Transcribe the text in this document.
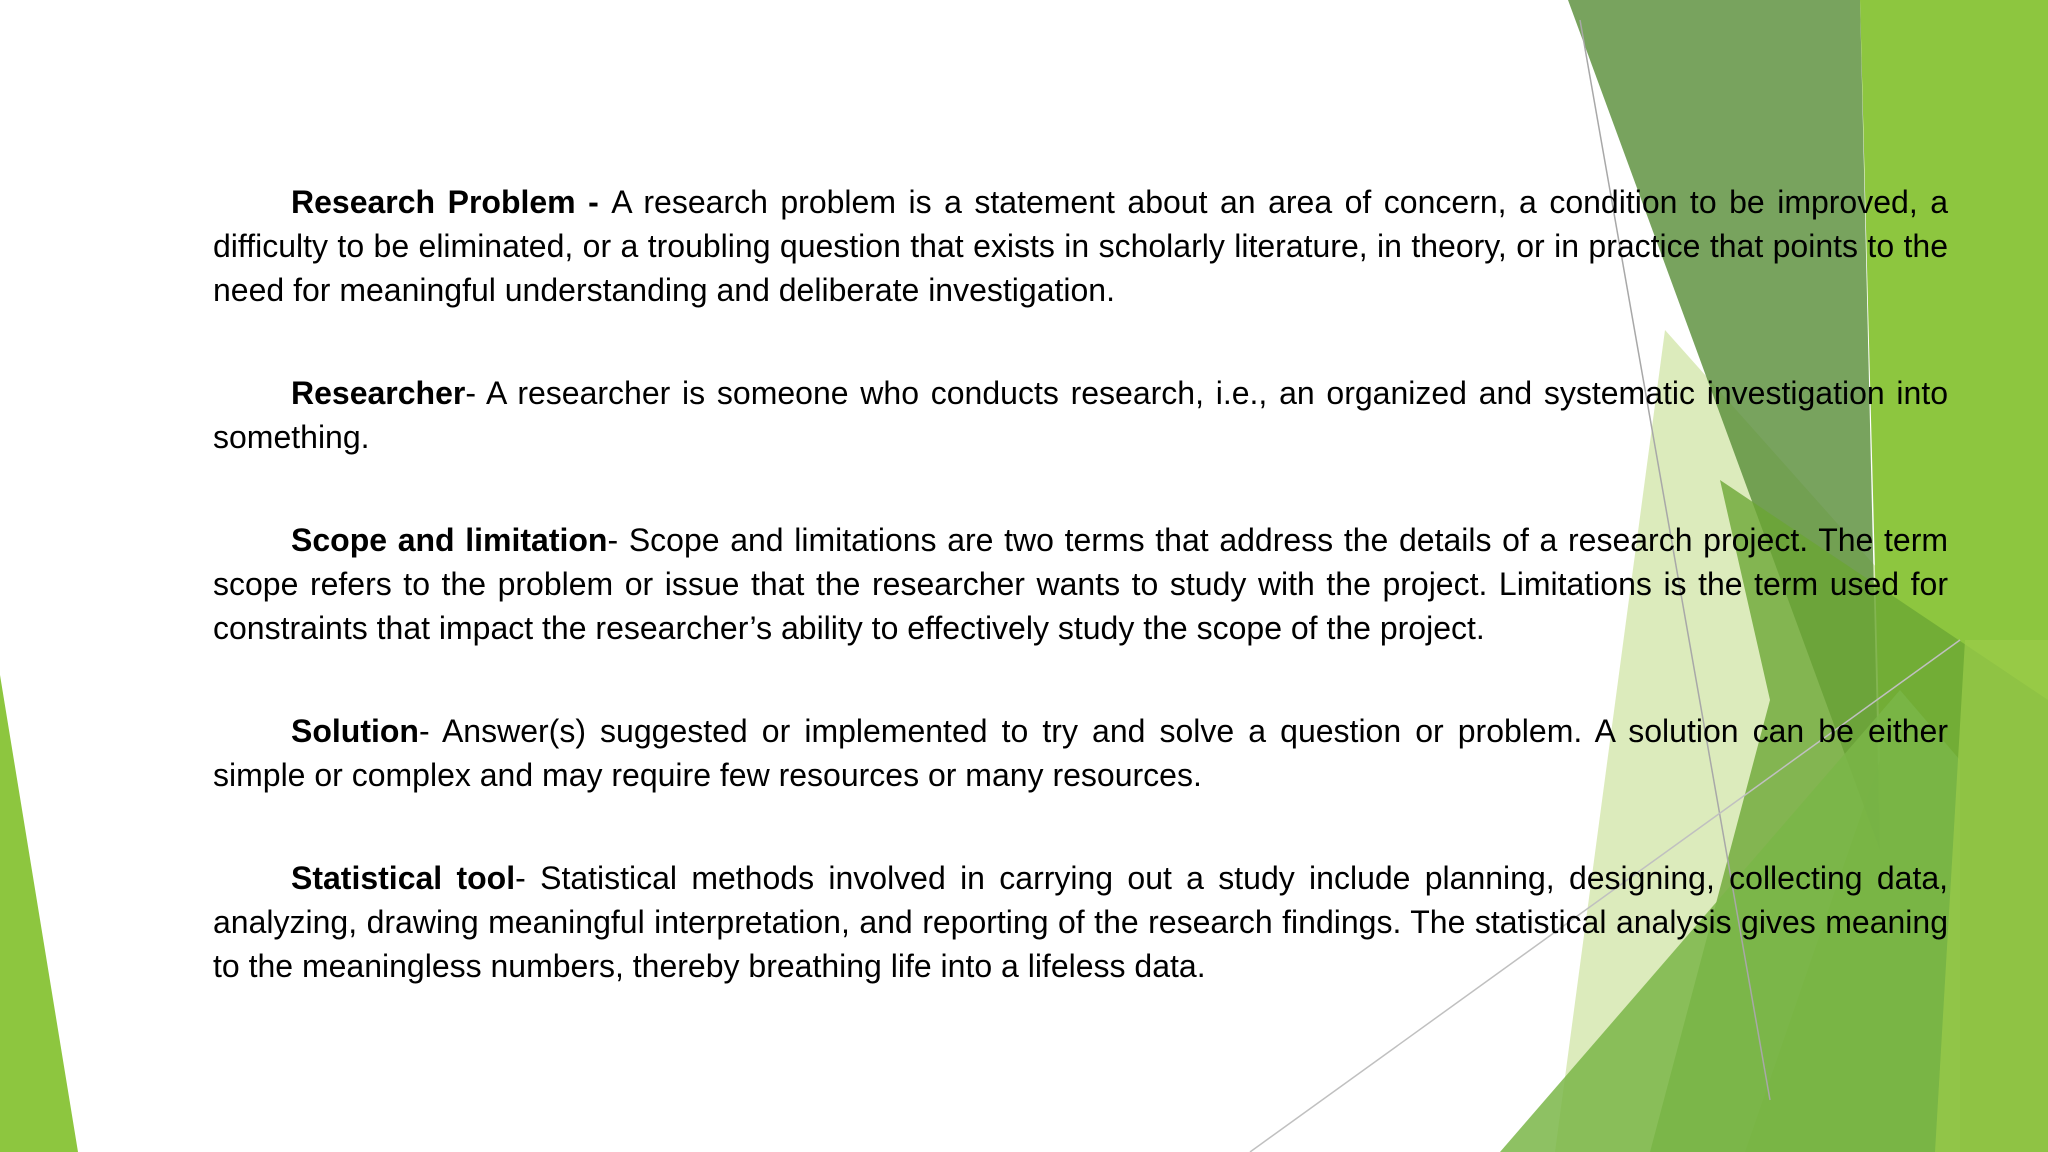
Research Problem - A research problem is a statement about an area of concern, a condition to be improved, a difficulty to be eliminated, or a troubling question that exists in scholarly literature, in theory, or in practice that points to the need for meaningful understanding and deliberate investigation.

Researcher- A researcher is someone who conducts research, i.e., an organized and systematic investigation into something.

Scope and limitation- Scope and limitations are two terms that address the details of a research project. The term scope refers to the problem or issue that the researcher wants to study with the project. Limitations is the term used for constraints that impact the researcher’s ability to effectively study the scope of the project.

Solution- Answer(s) suggested or implemented to try and solve a question or problem. A solution can be either simple or complex and may require few resources or many resources.

Statistical tool- Statistical methods involved in carrying out a study include planning, designing, collecting data, analyzing, drawing meaningful interpretation, and reporting of the research findings. The statistical analysis gives meaning to the meaningless numbers, thereby breathing life into a lifeless data.
